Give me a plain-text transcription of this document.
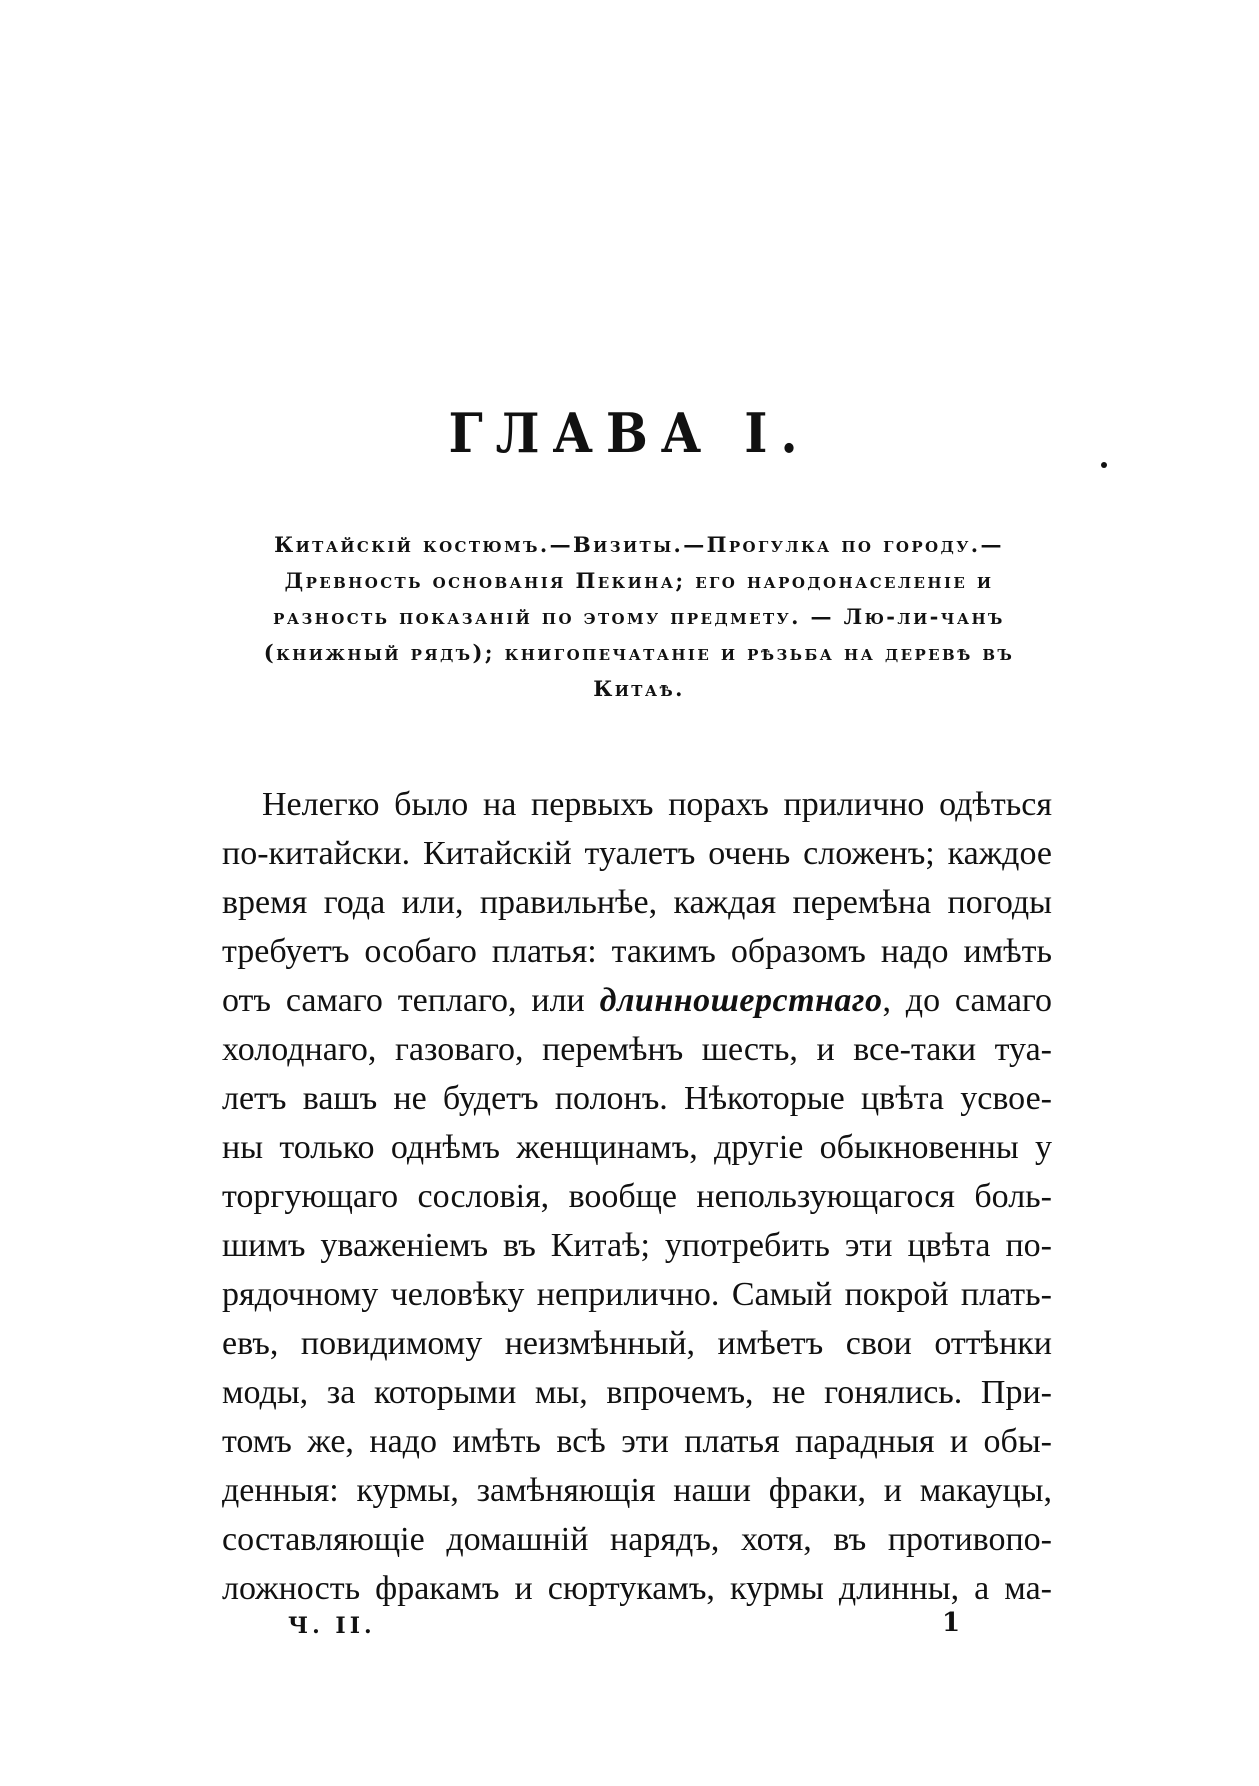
ГЛАВА I.
Китайскій костюмъ.—Визиты.—Прогулка по городу.—
Древность основанія Пекина; его народонаселеніе и
разность показаній по этому предмету. — Лю-ли-чанъ
(книжный рядъ); книгопечатаніе и рѣзьба на деревѣ въ
Китаѣ.
Нелегко было на первыхъ порахъ прилично одѣться
по-китайски. Китайскій туалетъ очень сложенъ; каждое
время года или, правильнѣе, каждая перемѣна погоды
требуетъ особаго платья: такимъ образомъ надо имѣть
отъ самаго теплаго, или длинношерстнаго, до самаго
холоднаго, газоваго, перемѣнъ шесть, и все-таки туа-
летъ вашъ не будетъ полонъ. Нѣкоторые цвѣта усвое-
ны только однѣмъ женщинамъ, другіе обыкновенны у
торгующаго сословія, вообще непользующагося боль-
шимъ уваженіемъ въ Китаѣ; употребить эти цвѣта по-
рядочному человѣку неприлично. Самый покрой плать-
евъ, повидимому неизмѣнный, имѣетъ свои оттѣнки
моды, за которыми мы, впрочемъ, не гонялись. При-
томъ же, надо имѣть всѣ эти платья парадныя и обы-
денныя: курмы, замѣняющія наши фраки, и макауцы,
составляющіе домашній нарядъ, хотя, въ противопо-
ложность фракамъ и сюртукамъ, курмы длинны, а ма-
Ч. II.	1
